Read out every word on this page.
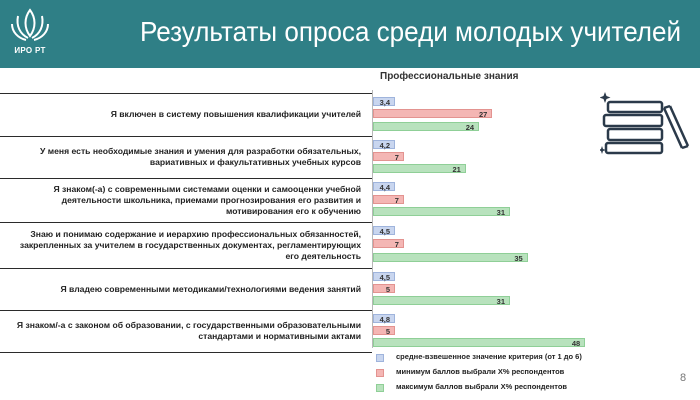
ИРО РТ
Результаты опроса среди молодых учителей
Профессиональные знания
Я включен в систему повышения квалификации учителей
3,4
27
24
У меня есть необходимые знания и умения для разработки обязательных, вариативных и факультативных учебных курсов
4,2
7
21
Я знаком(-а) с современными системами оценки и самооценки учебной деятельности школьника, приемами прогнозирования его развития и мотивирования его к обучению
4,4
7
31
Знаю и понимаю содержание и иерархию профессиональных обязанностей, закрепленных за учителем в государственных документах, регламентирующих его деятельность
4,5
7
35
Я владею современными методиками/технологиями ведения занятий
4,5
5
31
Я знаком/-а с законом об образовании, с государственными образовательными стандартами и нормативными актами
4,8
5
48
средне-взвешенное значение критерия (от 1 до 6)
минимум баллов выбрали X% респондентов
максимум баллов выбрали X% респондентов
8
